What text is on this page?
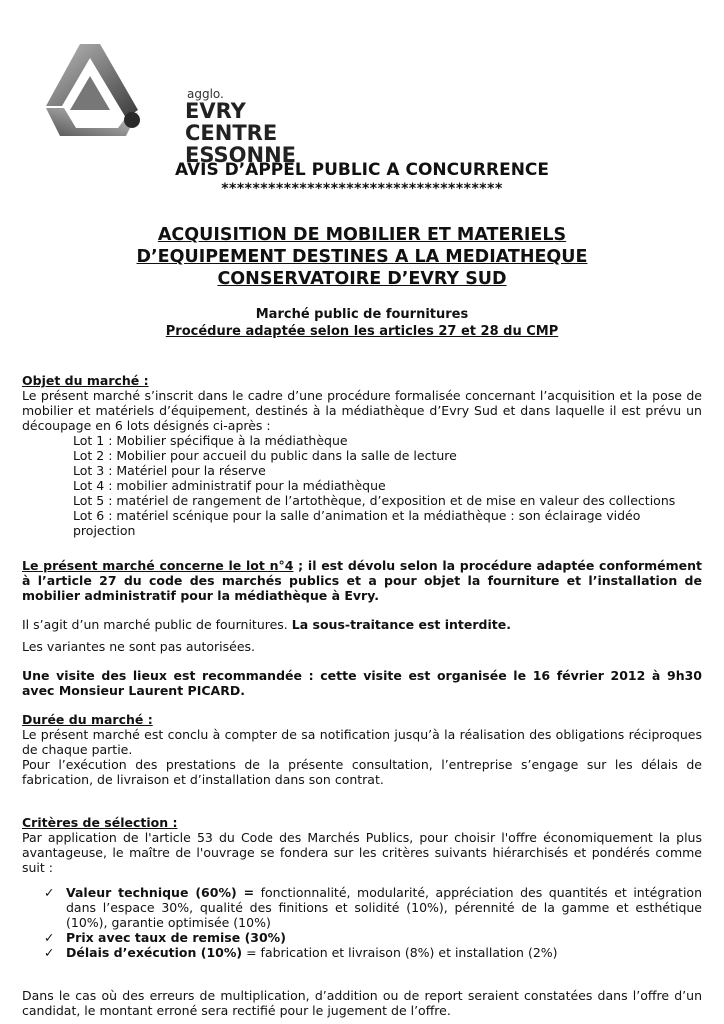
agglo.
EVRY
CENTRE
ESSONNE
AVIS D’APPEL PUBLIC A CONCURRENCE
************************************
ACQUISITION DE MOBILIER ET MATERIELS
D’EQUIPEMENT DESTINES A LA MEDIATHEQUE
CONSERVATOIRE D’EVRY SUD
Marché public de fournitures
Procédure adaptée selon les articles 27 et 28 du CMP

Objet du marché :

Le présent marché s’inscrit dans le cadre d’une procédure formalisée concernant l’acquisition et la pose de mobilier et matériels d’équipement, destinés à la médiathèque d’Evry Sud et dans laquelle il est prévu un découpage en 6 lots désignés ci-après :

Lot 1 : Mobilier spécifique à la médiathèque
Lot 2 : Mobilier pour accueil du public dans la salle de lecture
Lot 3 : Matériel pour la réserve
Lot 4 : mobilier administratif pour la médiathèque
Lot 5 : matériel de rangement de l’artothèque, d’exposition et de mise en valeur des collections
Lot 6 : matériel scénique pour la salle d’animation et la médiathèque : son éclairage vidéo projection

Le présent marché concerne le lot n°4 ; il est dévolu selon la procédure adaptée conformément à l’article 27 du code des marchés publics et a pour objet la fourniture et l’installation de mobilier administratif pour la médiathèque à Evry.

Il s’agit d’un marché public de fournitures. La sous-traitance est interdite.

Les variantes ne sont pas autorisées.

Une visite des lieux est recommandée : cette visite est organisée le 16 février 2012 à 9h30 avec Monsieur Laurent PICARD.

Durée du marché :

Le présent marché est conclu à compter de sa notification jusqu’à la réalisation des obligations réciproques de chaque partie.

Pour l’exécution des prestations de la présente consultation, l’entreprise s’engage sur les délais de fabrication, de livraison et d’installation dans son contrat.

Critères de sélection :

Par application de l'article 53 du Code des Marchés Publics, pour choisir l'offre économiquement la plus avantageuse, le maître de l'ouvrage se fondera sur les critères suivants hiérarchisés et pondérés comme suit :

✓ Valeur technique (60%) = fonctionnalité, modularité, appréciation des quantités et intégration dans l’espace 30%, qualité des finitions et solidité (10%), pérennité de la gamme et esthétique (10%), garantie optimisée (10%)
✓ Prix avec taux de remise (30%)
✓ Délais d’exécution (10%) = fabrication et livraison (8%) et installation (2%)

Dans le cas où des erreurs de multiplication, d’addition ou de report seraient constatées dans l’offre d’un candidat, le montant erroné sera rectifié pour le jugement de l’offre.
